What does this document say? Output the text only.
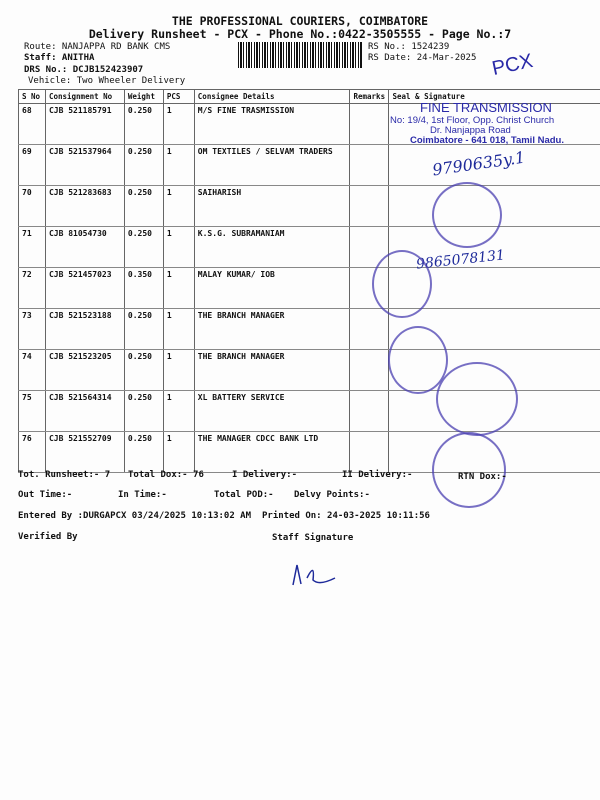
THE PROFESSIONAL COURIERS, COIMBATORE
Delivery Runsheet - PCX - Phone No.:0422-3505555 - Page No.:7
Route: NANJAPPA RD BANK CMS
Staff: ANITHA
DRS No.: DCJB152423907
Vehicle: Two Wheeler Delivery
RS No.: 1524239
RS Date: 24-Mar-2025 PCX
S No	Consignment No	Weight	PCS	Consignee Details	Remarks	Seal & Signature
68	CJB 521185791	0.250	1	M/S FINE TRASMISSION		
69	CJB 521537964	0.250	1	OM TEXTILES / SELVAM TRADERS		
70	CJB 521283683	0.250	1	SAIHARISH		
71	CJB 81054730	0.250	1	K.S.G. SUBRAMANIAM		
72	CJB 521457023	0.350	1	MALAY KUMAR/ IOB		
73	CJB 521523188	0.250	1	THE BRANCH MANAGER		
74	CJB 521523205	0.250	1	THE BRANCH MANAGER		
75	CJB 521564314	0.250	1	XL BATTERY SERVICE		
76	CJB 521552709	0.250	1	THE MANAGER CDCC BANK LTD		
FINE TRANSMISSION
No: 19/4, 1st Floor, Opp. Christ Church
Dr. Nanjappa Road
Coimbatore - 641 018, Tamil Nadu.
9790635y.1
9865078131
Tot. Runsheet:- 7 Total Dox:- 76	I Delivery:-	II Delivery:-	RTN Dox:-
Out Time:-	In Time:-	Total POD:- Delvy Points:-
Entered By :DURGAPCX 03/24/2025 10:13:02 AM Printed On: 24-03-2025 10:11:56
Verified By	Staff Signature
